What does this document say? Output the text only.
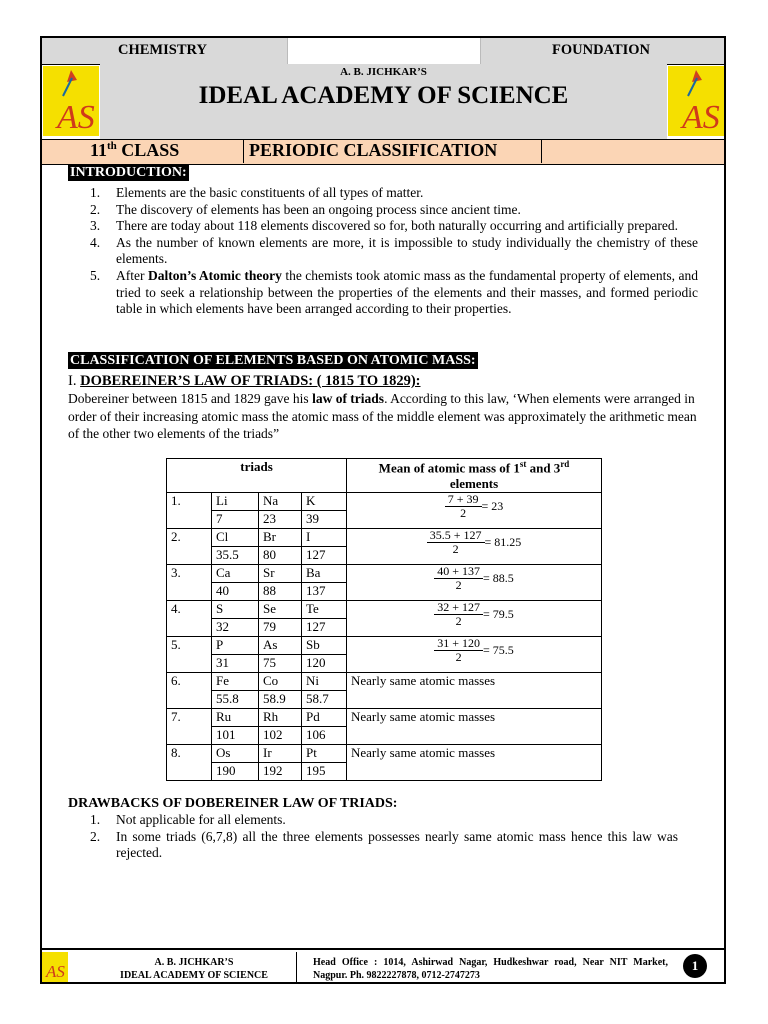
CHEMISTRY	FOUNDATION
AS	AS
A. B. JICHKAR’S
IDEAL ACADEMY OF SCIENCE
11th CLASS	PERIODIC CLASSIFICATION
INTRODUCTION:
1. Elements are the basic constituents of all types of matter.
2. The discovery of elements has been an ongoing process since ancient time.
3. There are today about 118 elements discovered so for, both naturally occurring and artificially prepared.
4. As the number of known elements are more, it is impossible to study individually the chemistry of these elements.
5. After Dalton’s Atomic theory the chemists took atomic mass as the fundamental property of elements, and tried to seek a relationship between the properties of the elements and their masses, and formed periodic table in which elements have been arranged according to their properties.
CLASSIFICATION OF ELEMENTS BASED ON ATOMIC MASS:
I. DOBEREINER’S LAW OF TRIADS: ( 1815 TO 1829):
Dobereiner between 1815 and 1829 gave his law of triads. According to this law, ‘When elements were arranged in order of their increasing atomic mass the atomic mass of the middle element was approximately the arithmetic mean of the other two elements of the triads”
triads				Mean of atomic mass of 1st and 3rd
elements
1.	Li	Na	K	$\frac{7 + 39}{2} = 23$
	7	23	39	
2.	Cl	Br	I	$\frac{35.5 + 127}{2} = 81.25$
	35.5	80	127	
3.	Ca	Sr	Ba	$\frac{40 + 137}{2} = 88.5$
	40	88	137	
4.	S	Se	Te	$\frac{32 + 127}{2} = 79.5$
	32	79	127	
5.	P	As	Sb	$\frac{31 + 120}{2} = 75.5$
	31	75	120	
6.	Fe	Co	Ni	Nearly same atomic masses
	55.8	58.9	58.7	
7.	Ru	Rh	Pd	Nearly same atomic masses
	101	102	106	
8.	Os	Ir	Pt	Nearly same atomic masses
	190	192	195	
DRAWBACKS OF DOBEREINER LAW OF TRIADS:
1. Not applicable for all elements.
2. In some triads (6,7,8) all the three elements possesses nearly same atomic mass hence this law was rejected.
AS	A. B. JICHKAR’S
IDEAL ACADEMY OF SCIENCE
Head Office : 1014, Ashirwad Nagar, Hudkeshwar road, Near NIT Market, Nagpur. Ph. 9822227878, 0712-2747273
1
